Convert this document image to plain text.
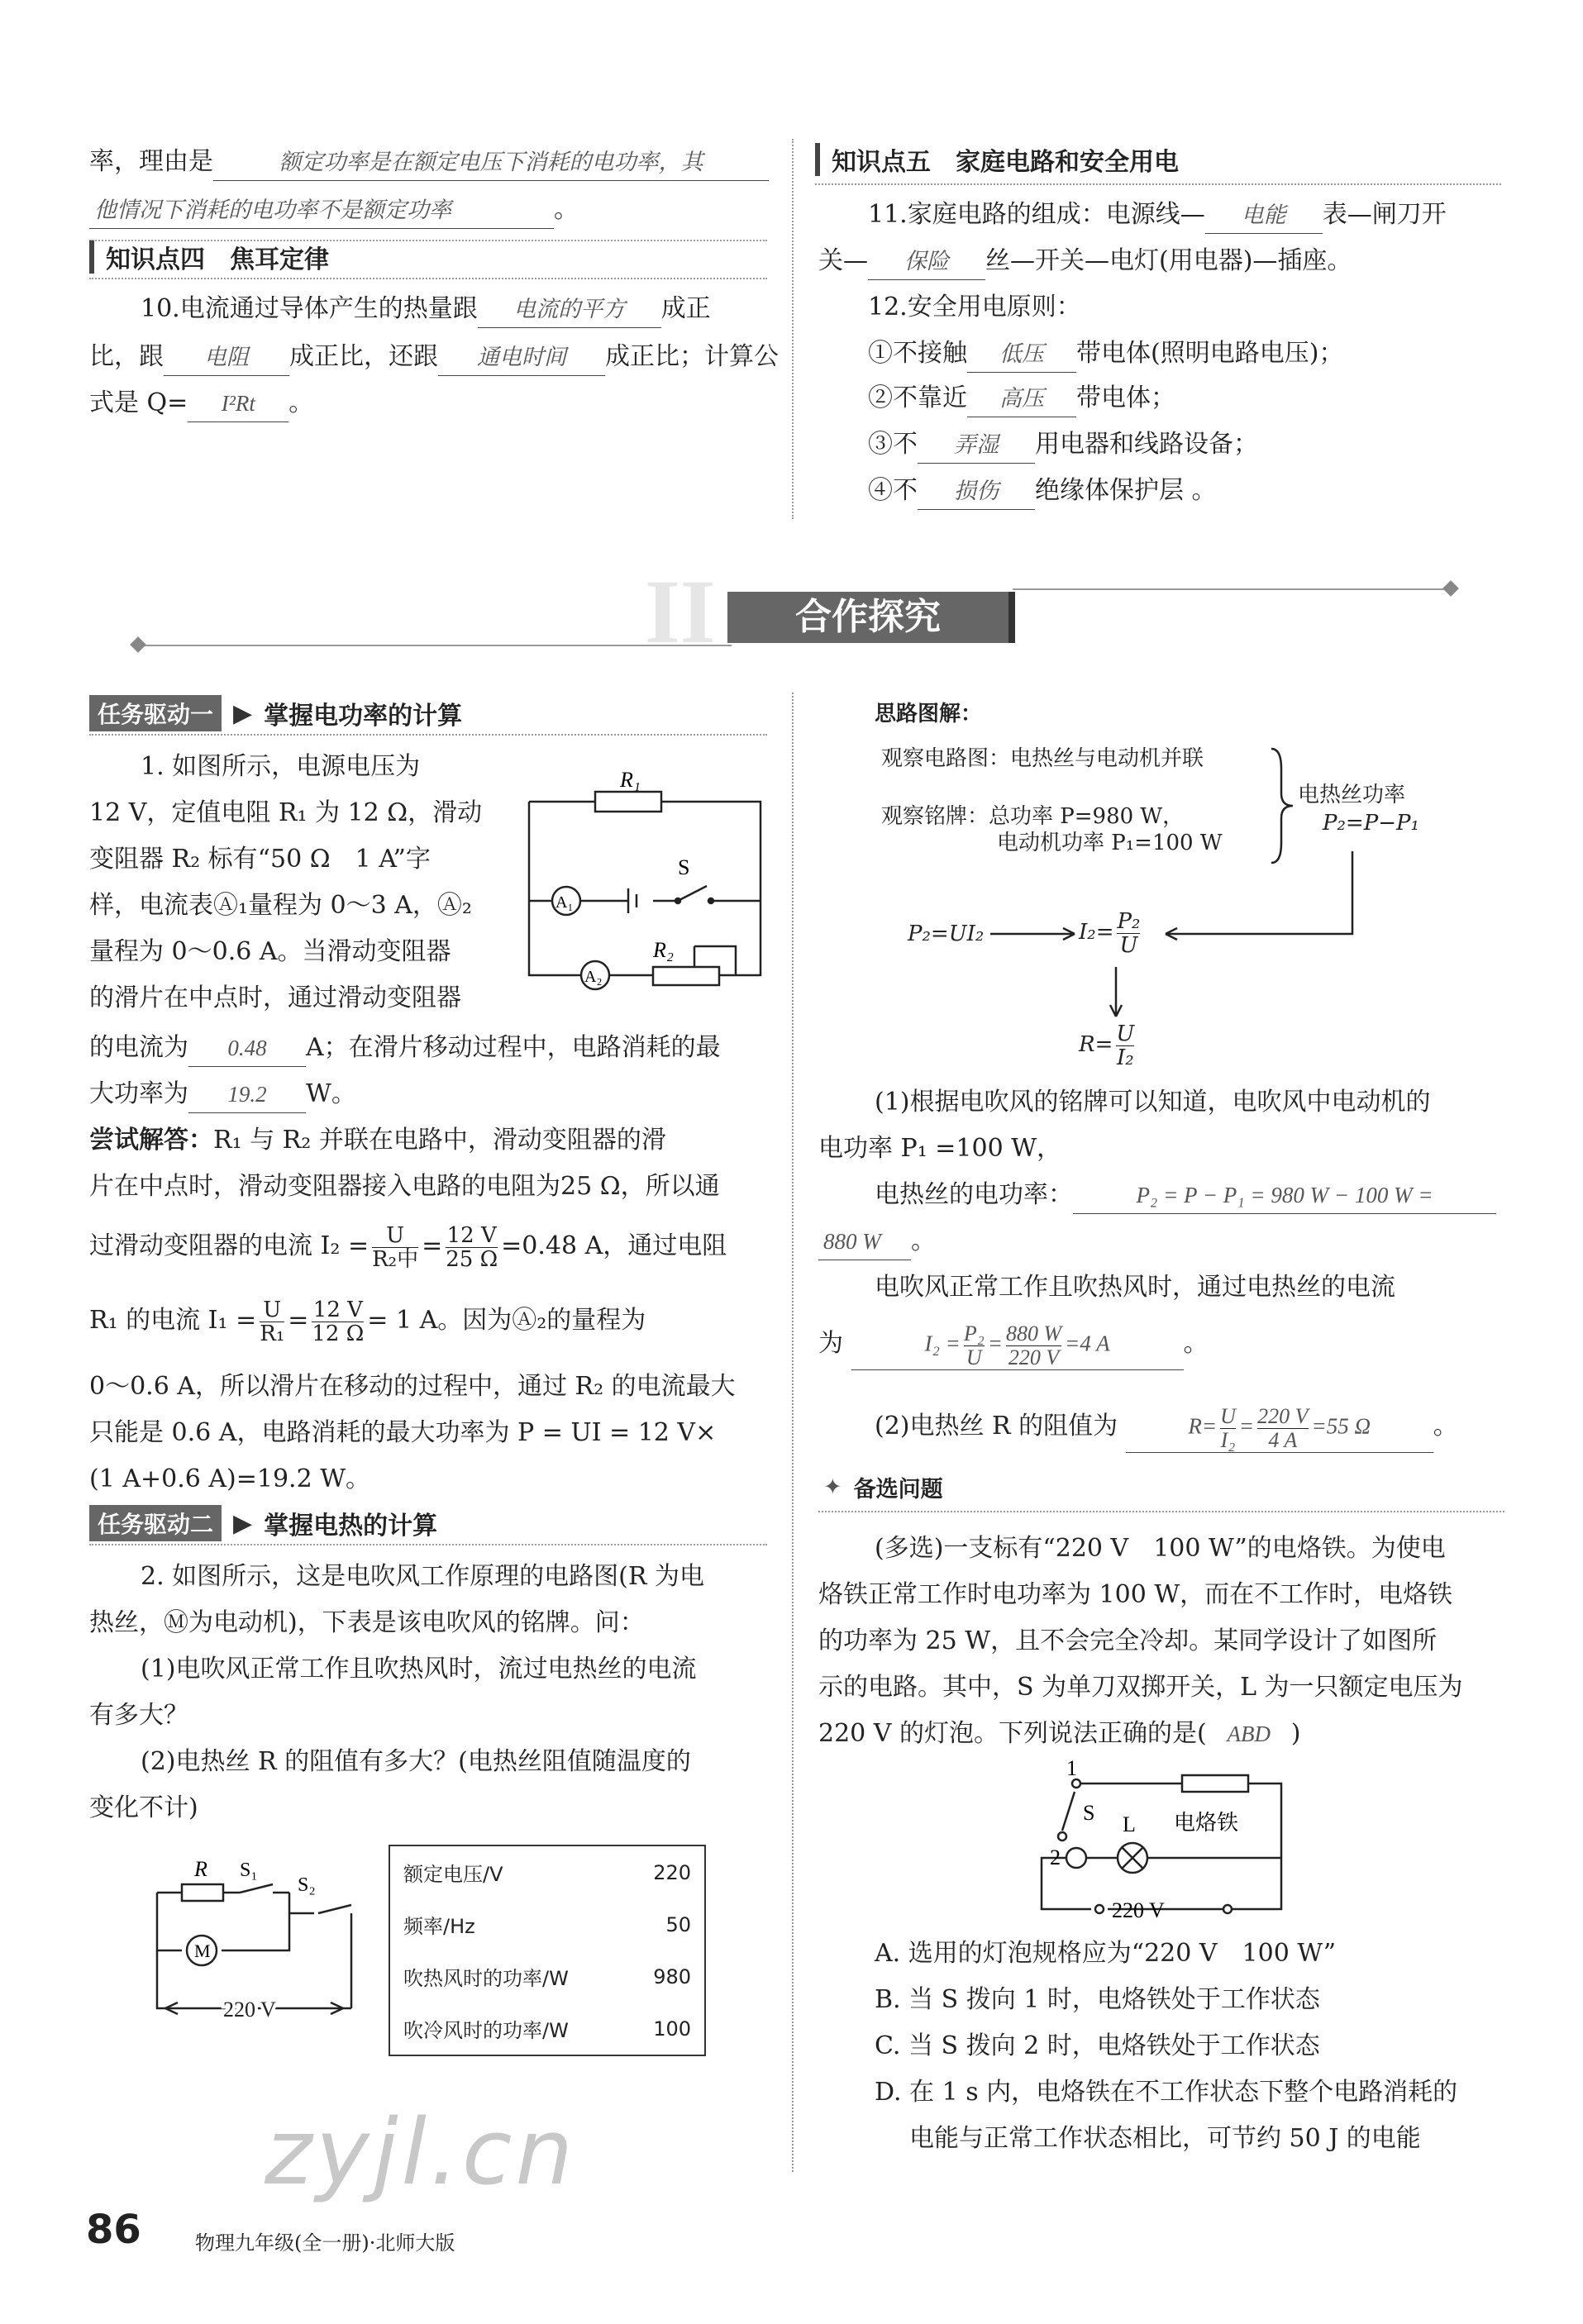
率，理由是	额定功率是在额定电压下消耗的电功率，其
他情况下消耗的电功率不是额定功率	。
知识点四　焦耳定律
10.电流通过导体产生的热量跟 电流的平方 成正
比，跟 电阻 成正比，还跟 通电时间 成正比；计算公
式是 Q= I²Rt 。
知识点五　家庭电路和安全用电
11.家庭电路的组成：电源线— 电能 表—闸刀开
关— 保险 丝—开关—电灯(用电器)—插座。
12.安全用电原则：
①不接触 低压 带电体(照明电路电压)；
②不靠近 高压 带电体；
③不 弄湿 用电器和线路设备；
④不 损伤 绝缘体保护层 。
II	合作探究
任务驱动一 ▶ 掌握电功率的计算
1. 如图所示，电源电压为
12 V，定值电阻 R₁ 为 12 Ω，滑动
变阻器 R₂ 标有“50 Ω　1 A”字
样，电流表Ⓐ₁量程为 0～3 A，Ⓐ₂
量程为 0～0.6 A。当滑动变阻器
的滑片在中点时，通过滑动变阻器
的电流为 0.48 A；在滑片移动过程中，电路消耗的最
大功率为 19.2 W。
R₁
A₁
S
R₂
A₂
尝试解答：R₁ 与 R₂ 并联在电路中，滑动变阻器的滑
片在中点时，滑动变阻器接入电路的电阻为25 Ω，所以通
过滑动变阻器的电流 $I_2 = \frac{U}{\text{R₂中}} = \frac{12 V}{25 \Omega} =0.48$ A，通过电阻
R₁ 的电流 $I_1 = \frac{U}{\text{R₁}} = \frac{12 V}{12 \Omega} = 1$ A。因为Ⓐ₂的量程为
0～0.6 A，所以滑片在移动的过程中，通过 R₂ 的电流最大
只能是 0.6 A，电路消耗的最大功率为 P = UI = 12 V×
(1 A+0.6 A)=19.2 W。
任务驱动二 ▶ 掌握电热的计算
2. 如图所示，这是电吹风工作原理的电路图(R 为电
热丝，Ⓜ为电动机)，下表是该电吹风的铭牌。问：
(1)电吹风正常工作且吹热风时，流过电热丝的电流
有多大？
(2)电热丝 R 的阻值有多大？(电热丝阻值随温度的
变化不计)
R S₁
S₂
M
220 V
额定电压/V	220
频率/Hz	50
吹热风时的功率/W	980
吹冷风时的功率/W	100
思路图解：
观察电路图：电热丝与电动机并联
观察铭牌：总功率 P=980 W，
电动机功率 P₁=100 W
电热丝功率
P₂=P−P₁
P₂=UI₂	$I_2= \frac{\text{P₂}}{U}$
$R= \frac{U}{\text{I₂}}$
(1)根据电吹风的铭牌可以知道，电吹风中电动机的
电功率 P₁ =100 W，
电热丝的电功率：	P₂ = P − P₁ = 980 W − 100 W =
880 W 。
电吹风正常工作且吹热风时，通过电热丝的电流
为	$I_2 = \frac{\text{P₂}}{U} = \frac{880 W}{220 V} =4$ A	。
(2)电热丝 R 的阻值为	$R= \frac{U}{\text{I₂}} = \frac{220 V}{4 A} =55$ Ω	。
✦ 备选问题
(多选)一支标有“220 V　100 W”的电烙铁。为使电
烙铁正常工作时电功率为 100 W，而在不工作时，电烙铁
的功率为 25 W，且不会完全冷却。某同学设计了如图所
示的电路。其中，S 为单刀双掷开关，L 为一只额定电压为
220 V 的灯泡。下列说法正确的是( ABD )
1
S L 电烙铁
2
220 V
A. 选用的灯泡规格应为“220 V　100 W”
B. 当 S 拨向 1 时，电烙铁处于工作状态
C. 当 S 拨向 2 时，电烙铁处于工作状态
D. 在 1 s 内，电烙铁在不工作状态下整个电路消耗的
电能与正常工作状态相比，可节约 50 J 的电能
zyjl.cn
86	物理九年级(全一册)·北师大版
